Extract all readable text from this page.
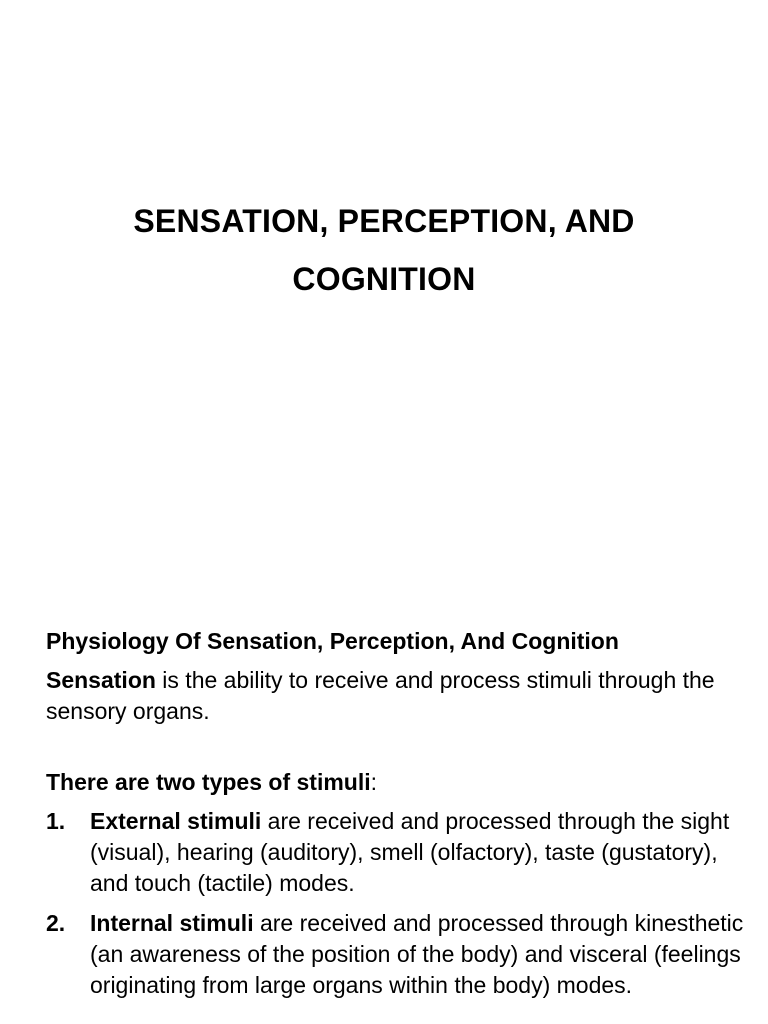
SENSATION, PERCEPTION, AND
COGNITION

Physiology Of Sensation, Perception, And Cognition

Sensation is the ability to receive and process stimuli through the sensory organs.

There are two types of stimuli:

1. External stimuli are received and processed through the sight (visual), hearing (auditory), smell (olfactory), taste (gustatory), and touch (tactile) modes.
2. Internal stimuli are received and processed through kinesthetic (an awareness of the position of the body) and visceral (feelings originating from large organs within the body) modes.
